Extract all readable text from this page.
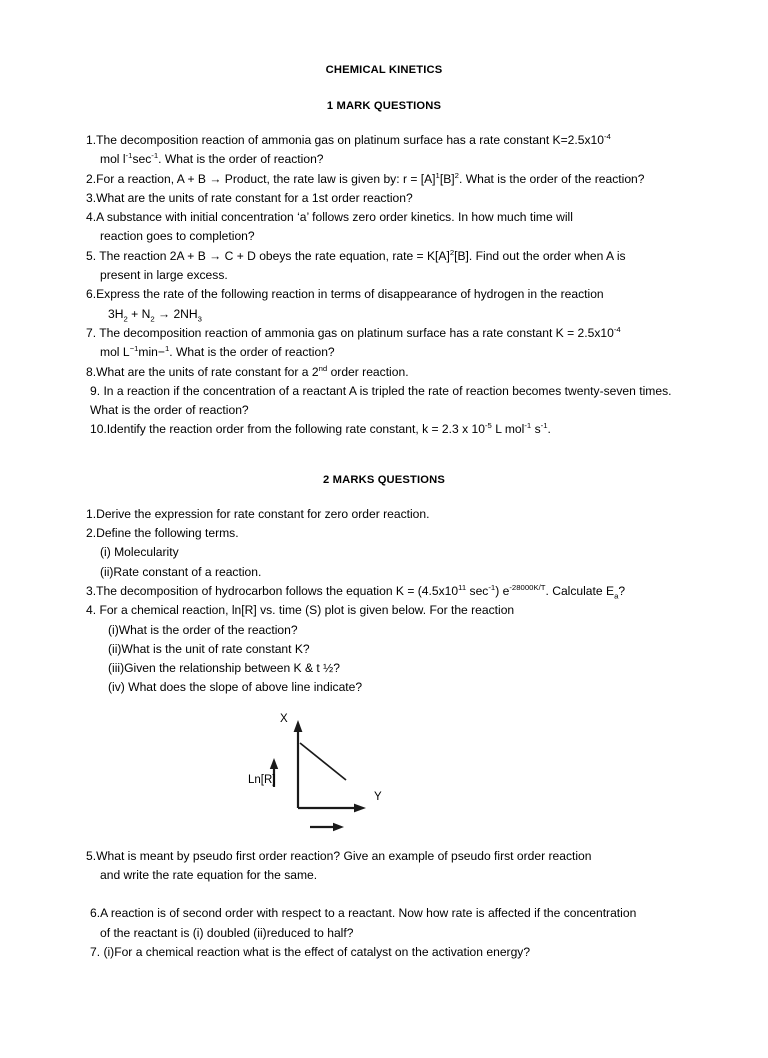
CHEMICAL KINETICS
1 MARK QUESTIONS

1.The decomposition reaction of ammonia gas on platinum surface has a rate constant $K=2.5x10^{-4}$

mol $l^{-1}\sec^{-1}$. What is the order of reaction?

2.For a reaction, A + B → Product, the rate law is given by: $r = [A]^1[B]^2$. What is the order of the reaction?

3.What are the units of rate constant for a 1st order reaction?

4.A substance with initial concentration ‘a’ follows zero order kinetics. In how much time will

reaction goes to completion?

5. The reaction 2A + B → C + D obeys the rate equation, rate = $K[A]^2[B]$. Find out the order when A is

present in large excess.

6.Express the rate of the following reaction in terms of disappearance of hydrogen in the reaction

$3H_2 + N_2 \to 2NH_3$

7. The decomposition reaction of ammonia gas on platinum surface has a rate constant $K = 2.5x10^{-4}$

mol $L^{-1}\min-^1$. What is the order of reaction?

8.What are the units of rate constant for a 2nd order reaction.

9. In a reaction if the concentration of a reactant A is tripled the rate of reaction becomes twenty-seven times.

What is the order of reaction?

10.Identify the reaction order from the following rate constant, k = 2.3 x $10^{-5}$ L mol$^{-1}$ $s^{-1}$.

2 MARKS QUESTIONS

1.Derive the expression for rate constant for zero order reaction.

2.Define the following terms.

(i) Molecularity

(ii)Rate constant of a reaction.

3.The decomposition of hydrocarbon follows the equation $K = (4.5x10^{11}$ $\sec^{-1}$) $e^{-28000K/T}$. Calculate $E_a$?

4. For a chemical reaction, ln[R] vs. time (S) plot is given below. For the reaction

(i)What is the order of the reaction?

(ii)What is the unit of rate constant K?

(iii)Given the relationship between K & t ½?

(iv) What does the slope of above line indicate?

X
Y
Ln[R]

5.What is meant by pseudo first order reaction? Give an example of pseudo first order reaction

and write the rate equation for the same.

6.A reaction is of second order with respect to a reactant. Now how rate is affected if the concentration

of the reactant is (i) doubled (ii)reduced to half?

7. (i)For a chemical reaction what is the effect of catalyst on the activation energy?
